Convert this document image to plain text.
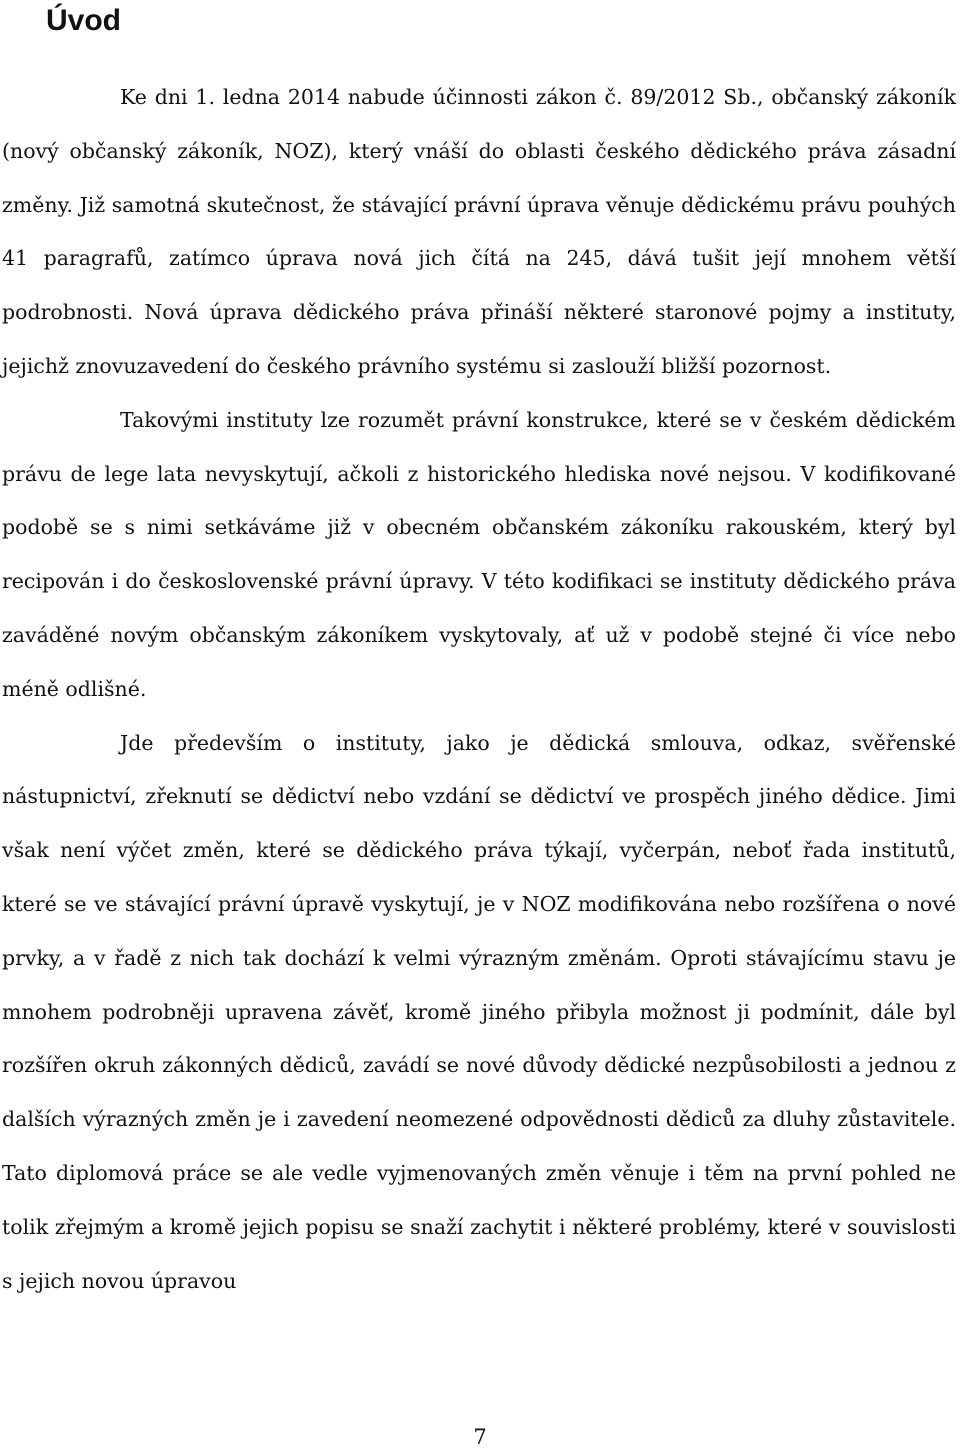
Úvod

Ke dni 1. ledna 2014 nabude účinnosti zákon č. 89/2012 Sb., občanský zákoník (nový občanský zákoník, NOZ), který vnáší do oblasti českého dědického práva zásadní změny. Již samotná skutečnost, že stávající právní úprava věnuje dědickému právu pouhých 41 paragrafů, zatímco úprava nová jich čítá na 245, dává tušit její mnohem větší podrobnosti. Nová úprava dědického práva přináší některé staronové pojmy a instituty, jejichž znovuzavedení do českého právního systému si zaslouží bližší pozornost.

Takovými instituty lze rozumět právní konstrukce, které se v českém dědickém právu de lege lata nevyskytují, ačkoli z historického hlediska nové nejsou. V kodifikované podobě se s nimi setkáváme již v obecném občanském zákoníku rakouském, který byl recipován i do československé právní úpravy. V této kodifikaci se instituty dědického práva zaváděné novým občanským zákoníkem vyskytovaly, ať už v podobě stejné či více nebo méně odlišné.

Jde především o instituty, jako je dědická smlouva, odkaz, svěřenské nástupnictví, zřeknutí se dědictví nebo vzdání se dědictví ve prospěch jiného dědice. Jimi však není výčet změn, které se dědického práva týkají, vyčerpán, neboť řada institutů, které se ve stávající právní úpravě vyskytují, je v NOZ modifikována nebo rozšířena o nové prvky, a v řadě z nich tak dochází k velmi výrazným změnám. Oproti stávajícímu stavu je mnohem podrobněji upravena závěť, kromě jiného přibyla možnost ji podmínit, dále byl rozšířen okruh zákonných dědiců, zavádí se nové důvody dědické nezpůsobilosti a jednou z dalších výrazných změn je i zavedení neomezené odpovědnosti dědiců za dluhy zůstavitele. Tato diplomová práce se ale vedle vyjmenovaných změn věnuje i těm na první pohled ne tolik zřejmým a kromě jejich popisu se snaží zachytit i některé problémy, které v souvislosti s jejich novou úpravou

7
